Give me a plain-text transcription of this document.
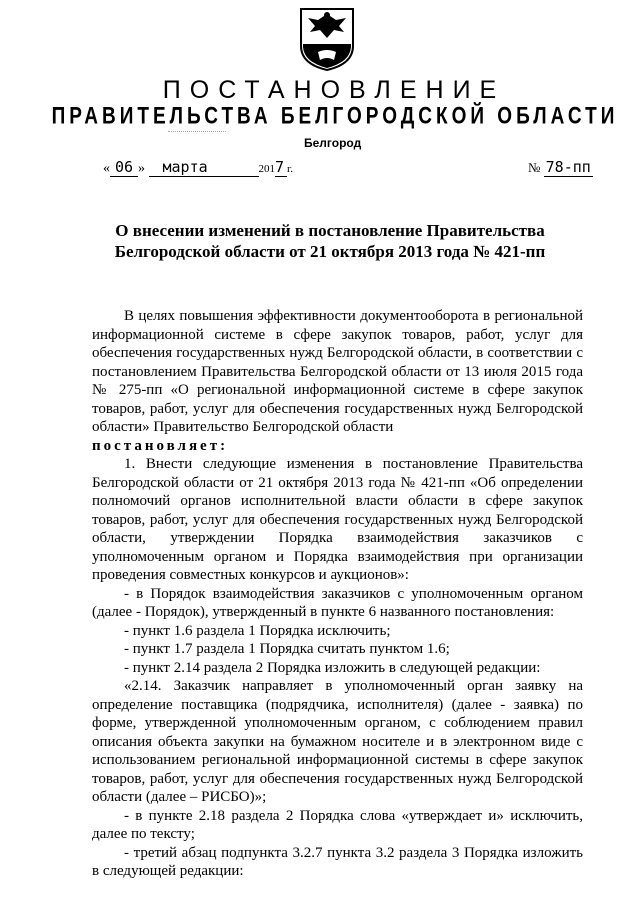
ПОСТАНОВЛЕНИЕ
ПРАВИТЕЛЬСТВА БЕЛГОРОДСКОЙ ОБЛАСТИ
Белгород
« 06 » марта	2017 г.	№ 78-пп
О внесении изменений в постановление Правительства
Белгородской области от 21 октября 2013 года № 421-пп

В целях повышения эффективности документооборота в региональной информационной системе в сфере закупок товаров, работ, услуг для обеспечения государственных нужд Белгородской области, в соответствии с постановлением Правительства Белгородской области от 13 июля 2015 года № 275-пп «О региональной информационной системе в сфере закупок товаров, работ, услуг для обеспечения государственных нужд Белгородской области» Правительство Белгородской области

постановляет:

1. Внести следующие изменения в постановление Правительства Белгородской области от 21 октября 2013 года № 421-пп «Об определении полномочий органов исполнительной власти области в сфере закупок товаров, работ, услуг для обеспечения государственных нужд Белгородской области, утверждении Порядка взаимодействия заказчиков с уполномоченным органом и Порядка взаимодействия при организации проведения совместных конкурсов и аукционов»:

- в Порядок взаимодействия заказчиков с уполномоченным органом (далее - Порядок), утвержденный в пункте 6 названного постановления:

- пункт 1.6 раздела 1 Порядка исключить;

- пункт 1.7 раздела 1 Порядка считать пунктом 1.6;

- пункт 2.14 раздела 2 Порядка изложить в следующей редакции:

«2.14. Заказчик направляет в уполномоченный орган заявку на определение поставщика (подрядчика, исполнителя) (далее - заявка) по форме, утвержденной уполномоченным органом, с соблюдением правил описания объекта закупки на бумажном носителе и в электронном виде с использованием региональной информационной системы в сфере закупок товаров, работ, услуг для обеспечения государственных нужд Белгородской области (далее – РИСБО)»;

- в пункте 2.18 раздела 2 Порядка слова «утверждает и» исключить, далее по тексту;

- третий абзац подпункта 3.2.7 пункта 3.2 раздела 3 Порядка изложить в следующей редакции:
